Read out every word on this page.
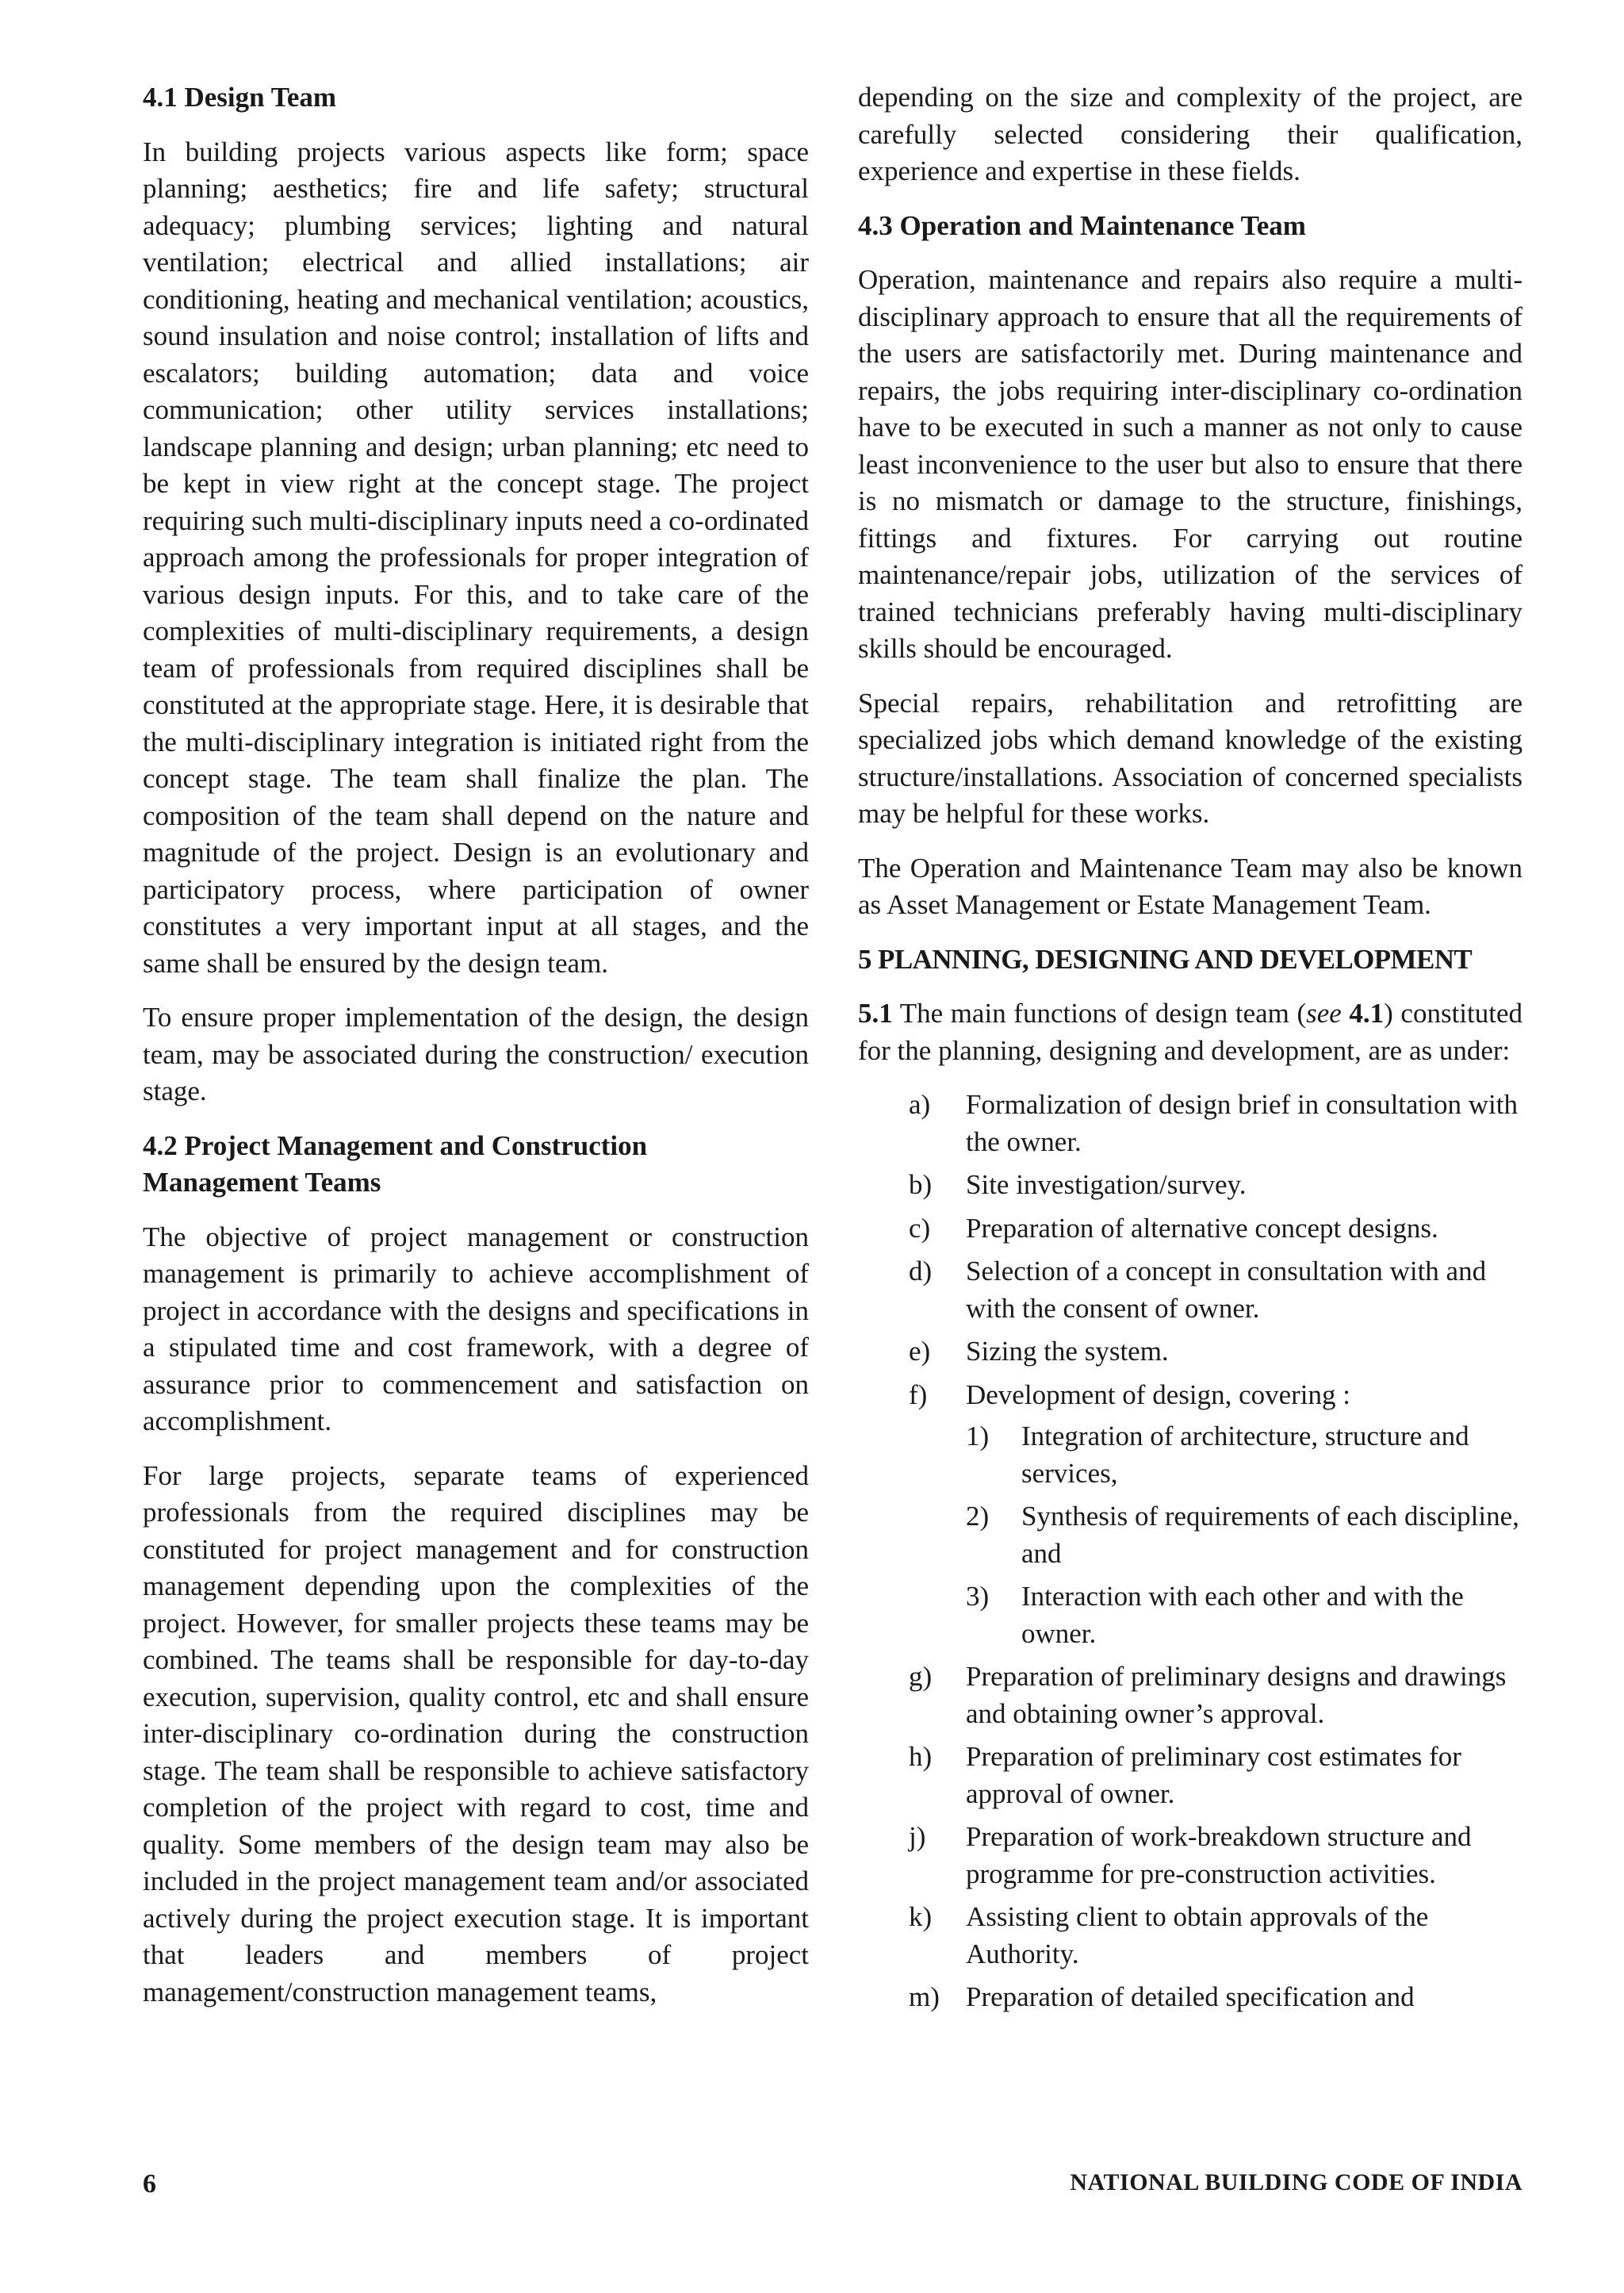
4.1 Design Team

In building projects various aspects like form; space planning; aesthetics; fire and life safety; structural adequacy; plumbing services; lighting and natural ventilation; electrical and allied installations; air conditioning, heating and mechanical ventilation; acoustics, sound insulation and noise control; installation of lifts and escalators; building automation; data and voice communication; other utility services installations; landscape planning and design; urban planning; etc need to be kept in view right at the concept stage. The project requiring such multi-disciplinary inputs need a co-ordinated approach among the professionals for proper integration of various design inputs. For this, and to take care of the complexities of multi-disciplinary requirements, a design team of professionals from required disciplines shall be constituted at the appropriate stage. Here, it is desirable that the multi-disciplinary integration is initiated right from the concept stage. The team shall finalize the plan. The composition of the team shall depend on the nature and magnitude of the project. Design is an evolutionary and participatory process, where participation of owner constitutes a very important input at all stages, and the same shall be ensured by the design team.

To ensure proper implementation of the design, the design team, may be associated during the construction/ execution stage.

4.2 Project Management and Construction Management Teams

The objective of project management or construction management is primarily to achieve accomplishment of project in accordance with the designs and specifications in a stipulated time and cost framework, with a degree of assurance prior to commencement and satisfaction on accomplishment.

For large projects, separate teams of experienced professionals from the required disciplines may be constituted for project management and for construction management depending upon the complexities of the project. However, for smaller projects these teams may be combined. The teams shall be responsible for day-to-day execution, supervision, quality control, etc and shall ensure inter-disciplinary co-ordination during the construction stage. The team shall be responsible to achieve satisfactory completion of the project with regard to cost, time and quality. Some members of the design team may also be included in the project management team and/or associated actively during the project execution stage. It is important that leaders and members of project management/construction management teams,

depending on the size and complexity of the project, are carefully selected considering their qualification, experience and expertise in these fields.

4.3 Operation and Maintenance Team

Operation, maintenance and repairs also require a multi-disciplinary approach to ensure that all the requirements of the users are satisfactorily met. During maintenance and repairs, the jobs requiring inter-disciplinary co-ordination have to be executed in such a manner as not only to cause least inconvenience to the user but also to ensure that there is no mismatch or damage to the structure, finishings, fittings and fixtures. For carrying out routine maintenance/repair jobs, utilization of the services of trained technicians preferably having multi-disciplinary skills should be encouraged.

Special repairs, rehabilitation and retrofitting are specialized jobs which demand knowledge of the existing structure/installations. Association of concerned specialists may be helpful for these works.

The Operation and Maintenance Team may also be known as Asset Management or Estate Management Team.

5 PLANNING, DESIGNING AND DEVELOPMENT

5.1 The main functions of design team (see 4.1) constituted for the planning, designing and development, are as under:

a) Formalization of design brief in consultation with the owner.
b) Site investigation/survey.
c) Preparation of alternative concept designs.
d) Selection of a concept in consultation with and with the consent of owner.
e) Sizing the system.
f) Development of design, covering :
1) Integration of architecture, structure and services,
2) Synthesis of requirements of each discipline, and
3) Interaction with each other and with the owner.
g) Preparation of preliminary designs and drawings and obtaining owner’s approval.
h) Preparation of preliminary cost estimates for approval of owner.
j) Preparation of work-breakdown structure and programme for pre-construction activities.
k) Assisting client to obtain approvals of the Authority.
m) Preparation of detailed specification and
6	NATIONAL BUILDING CODE OF INDIA
